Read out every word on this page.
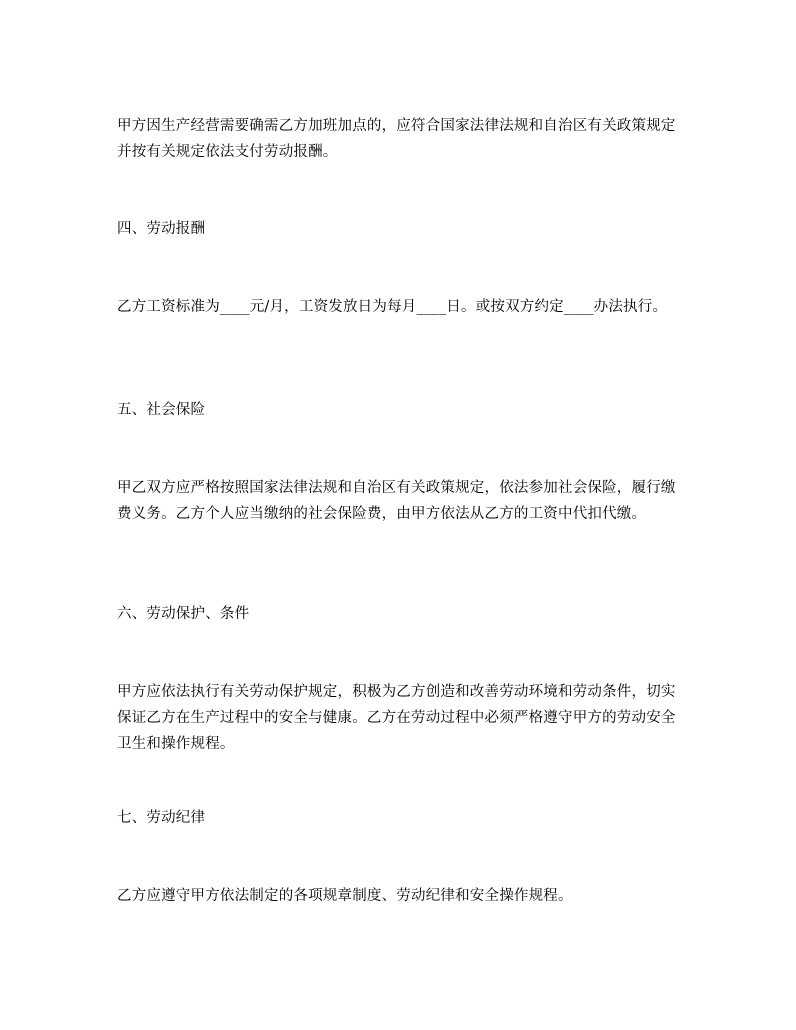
甲方因生产经营需要确需乙方加班加点的，应符合国家法律法规和自治区有关政策规定并按有关规定依法支付劳动报酬。

四、劳动报酬

乙方工资标准为____元/月，工资发放日为每月____日。或按双方约定____办法执行。

五、社会保险

甲乙双方应严格按照国家法律法规和自治区有关政策规定，依法参加社会保险，履行缴费义务。乙方个人应当缴纳的社会保险费，由甲方依法从乙方的工资中代扣代缴。

六、劳动保护、条件

甲方应依法执行有关劳动保护规定，积极为乙方创造和改善劳动环境和劳动条件，切实保证乙方在生产过程中的安全与健康。乙方在劳动过程中必须严格遵守甲方的劳动安全卫生和操作规程。

七、劳动纪律

乙方应遵守甲方依法制定的各项规章制度、劳动纪律和安全操作规程。
